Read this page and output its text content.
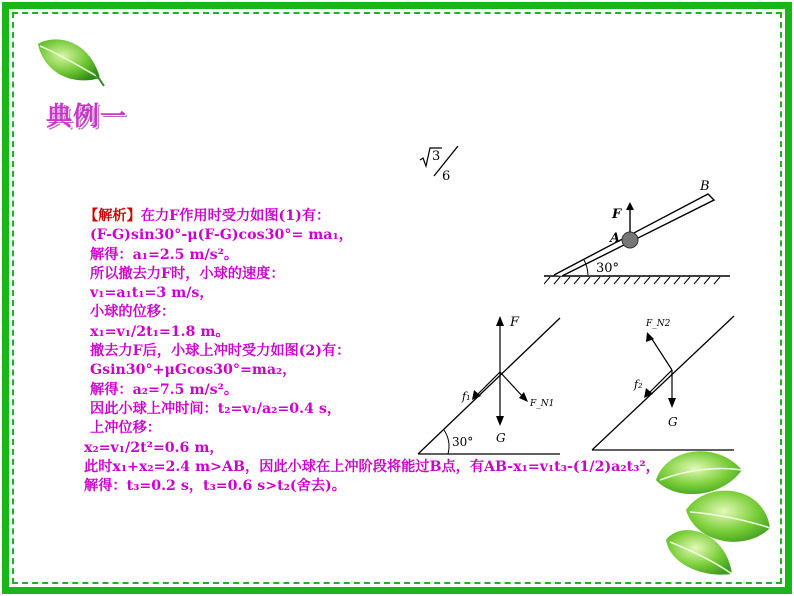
典例一
3
6
30°
F
A
B
30°
F
G
f₁
F_N1
F_N2
f₂
G
【解析】在力F作用时受力如图(1)有：
(F-G)sin30°-μ(F-G)cos30°= ma₁，
解得：a₁=2.5 m/s²。
所以撤去力F时，小球的速度：
v₁=a₁t₁=3 m/s，
小球的位移：
x₁=v₁/2t₁=1.8 m。
撤去力F后，小球上冲时受力如图(2)有：
Gsin30°+μGcos30°=ma₂，
解得：a₂=7.5 m/s²。
因此小球上冲时间：t₂=v₁/a₂=0.4 s，
上冲位移：
x₂=v₁/2t²=0.6 m，
此时x₁+x₂=2.4 m>AB，因此小球在上冲阶段将能过B点，有AB-x₁=v₁t₃-(1/2)a₂t₃²，
解得：t₃=0.2 s，t₃=0.6 s>t₂(舍去)。
